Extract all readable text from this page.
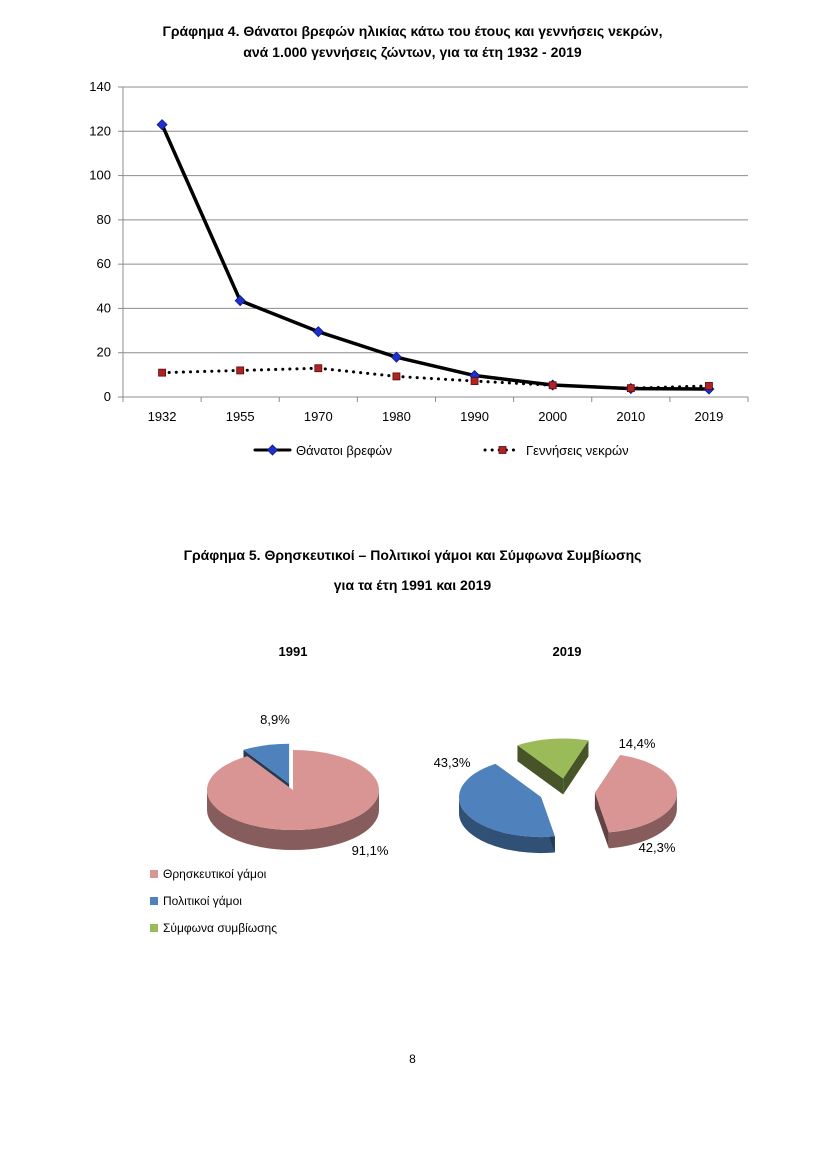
Γράφημα 4. Θάνατοι βρεφών ηλικίας κάτω του έτους και γεννήσεις νεκρών,
ανά 1.000 γεννήσεις ζώντων, για τα έτη 1932 - 2019
0
20
40
60
80
100
120
140
1932	1955	1970	1980	1990	2000	2010	2019
Θάνατοι βρεφών	Γεννήσεις νεκρών
Γράφημα 5. Θρησκευτικοί – Πολιτικοί γάμοι και Σύμφωνα Συμβίωσης
για τα έτη 1991 και 2019
91,1%
8,9%
1991
42,3%
43,3%
14,4%
2019
Θρησκευτικοί γάμοι
Πολιτικοί γάμοι
Σύμφωνα συμβίωσης
8
